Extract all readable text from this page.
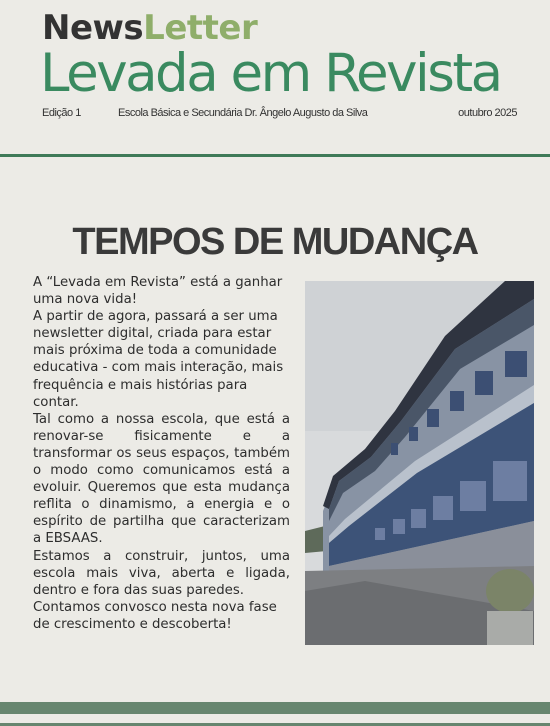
NewsLetter
Levada em Revista
Edição 1	Escola Básica e Secundária Dr. Ângelo Augusto da Silva	outubro 2025
TEMPOS DE MUDANÇA

A “Levada em Revista” está a ganhar uma nova vida!

A partir de agora, passará a ser uma newsletter digital, criada para estar mais próxima de toda a comunidade educativa - com mais interação, mais frequência e mais histórias para contar.

Tal como a nossa escola, que está a renovar-se fisicamente e a transformar os seus espaços, também o modo como comunicamos está a evoluir. Queremos que esta mudança reflita o dinamismo, a energia e o espírito de partilha que caracterizam a EBSAAS.

Estamos a construir, juntos, uma escola mais viva, aberta e ligada, dentro e fora das suas paredes.

Contamos convosco nesta nova fase de crescimento e descoberta!
